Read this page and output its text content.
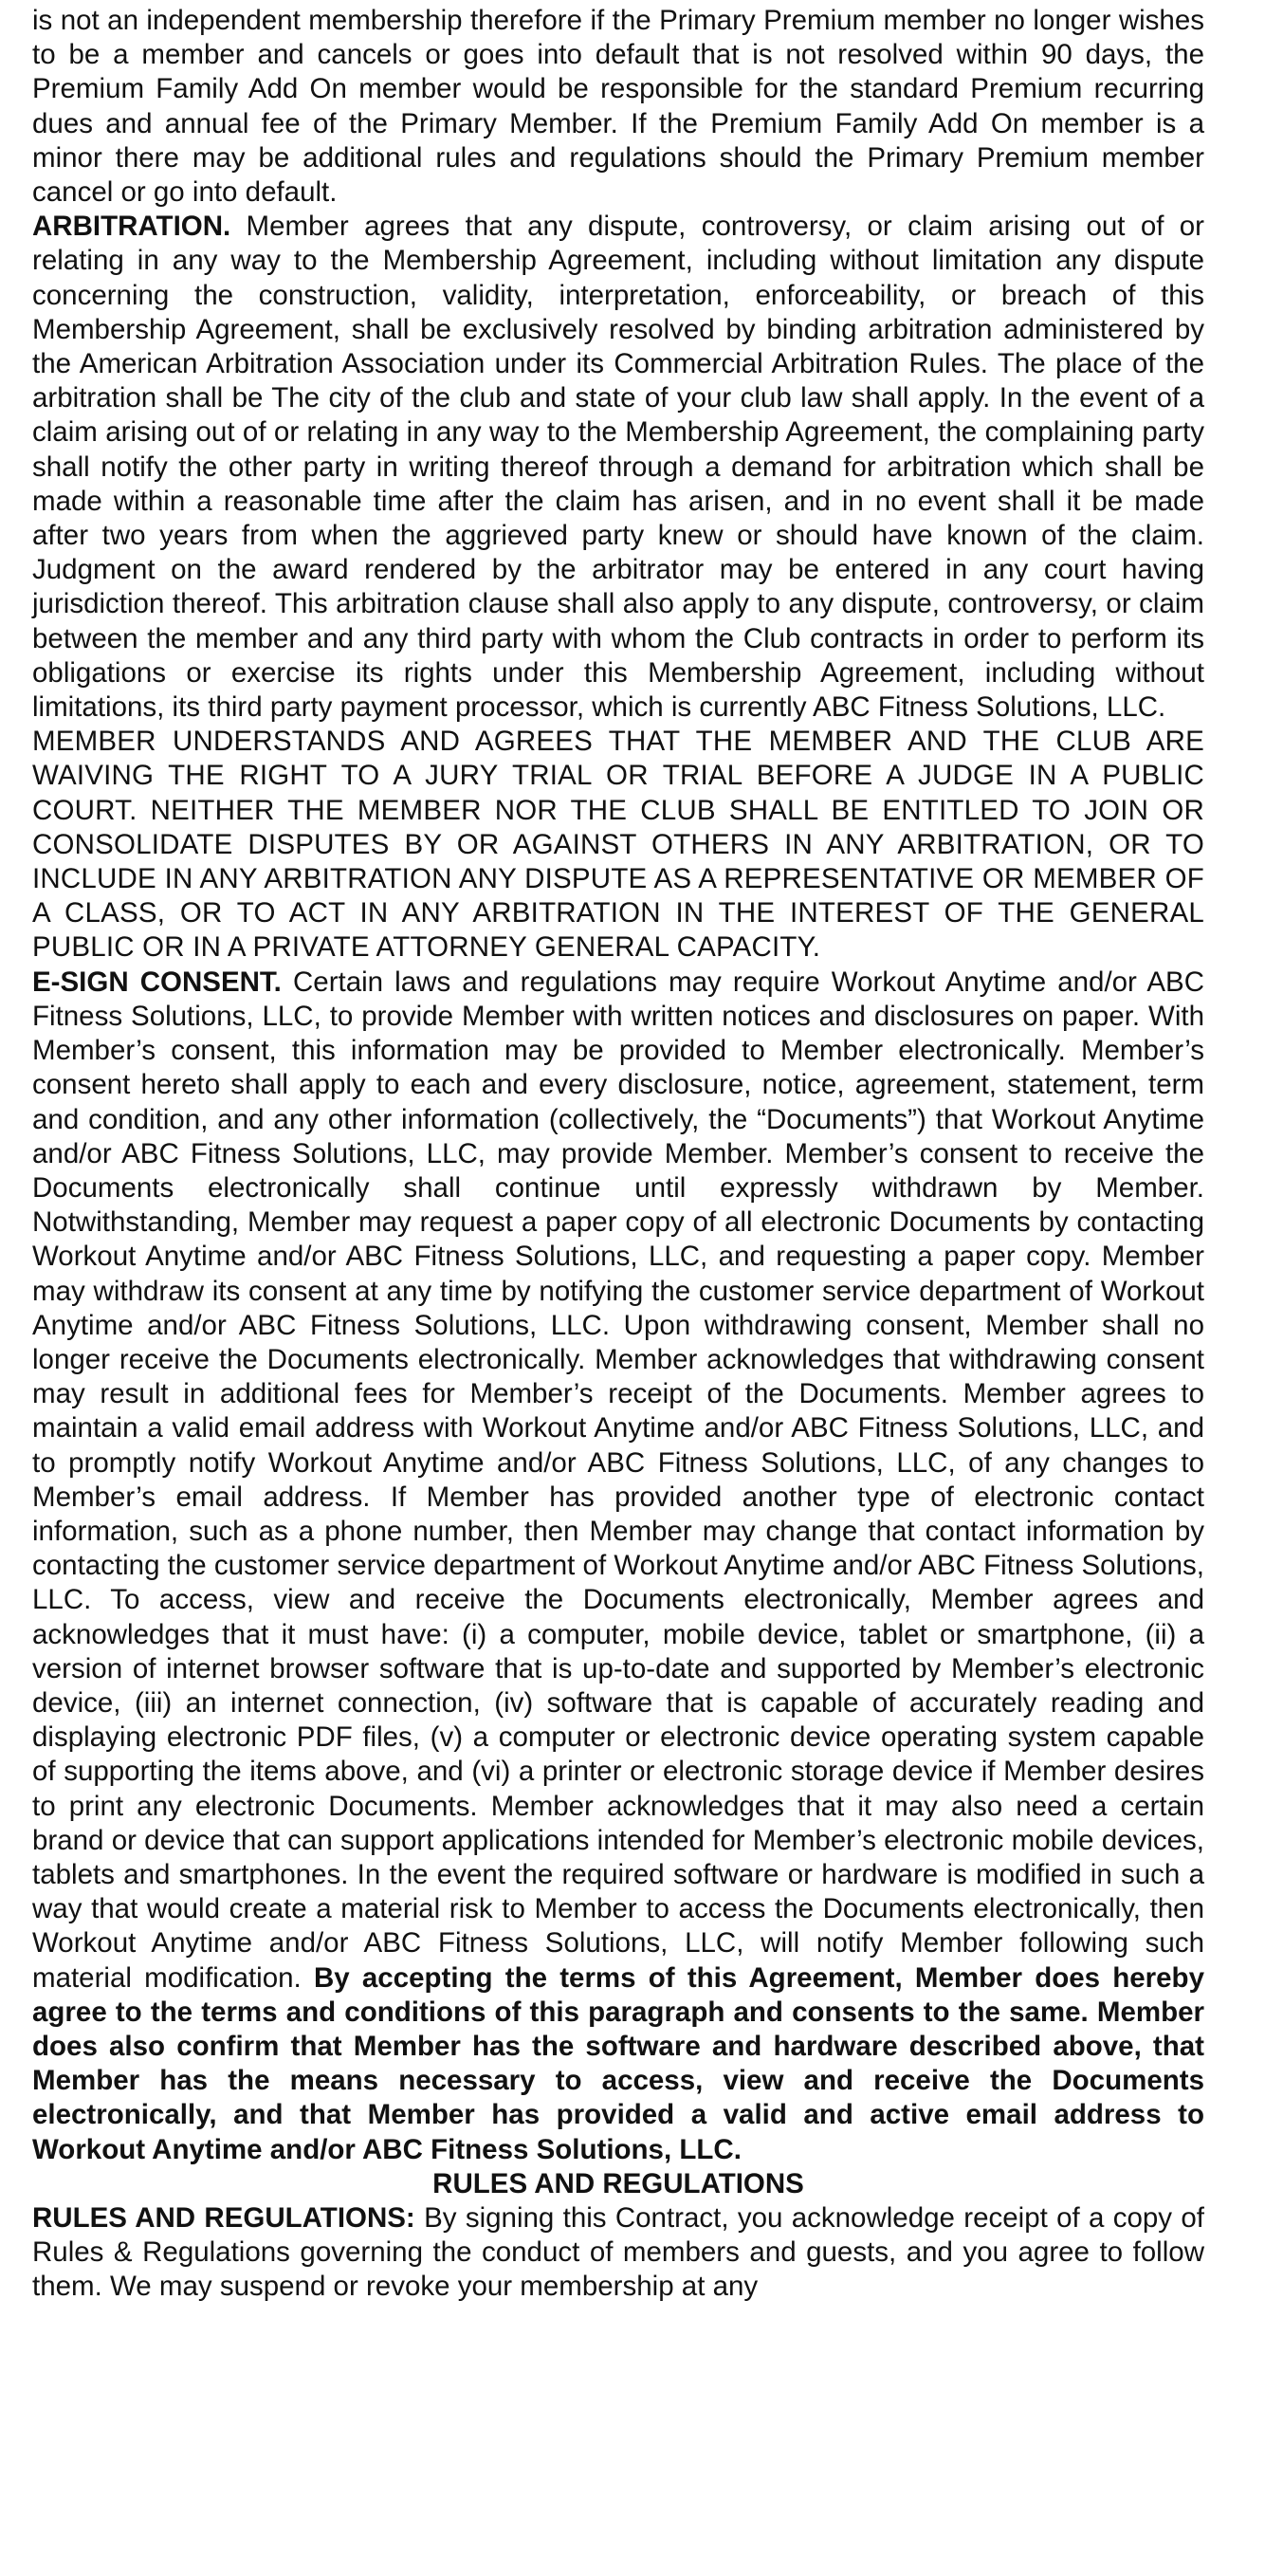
is not an independent membership therefore if the Primary Premium member no longer wishes to be a member and cancels or goes into default that is not resolved within 90 days, the Premium Family Add On member would be responsible for the standard Premium recurring dues and annual fee of the Primary Member. If the Premium Family Add On member is a minor there may be additional rules and regulations should the Primary Premium member cancel or go into default.

ARBITRATION. Member agrees that any dispute, controversy, or claim arising out of or relating in any way to the Membership Agreement, including without limitation any dispute concerning the construction, validity, interpretation, enforceability, or breach of this Membership Agreement, shall be exclusively resolved by binding arbitration administered by the American Arbitration Association under its Commercial Arbitration Rules. The place of the arbitration shall be The city of the club and state of your club law shall apply. In the event of a claim arising out of or relating in any way to the Membership Agreement, the complaining party shall notify the other party in writing thereof through a demand for arbitration which shall be made within a reasonable time after the claim has arisen, and in no event shall it be made after two years from when the aggrieved party knew or should have known of the claim. Judgment on the award rendered by the arbitrator may be entered in any court having jurisdiction thereof. This arbitration clause shall also apply to any dispute, controversy, or claim between the member and any third party with whom the Club contracts in order to perform its obligations or exercise its rights under this Membership Agreement, including without limitations, its third party payment processor, which is currently ABC Fitness Solutions, LLC.

MEMBER UNDERSTANDS AND AGREES THAT THE MEMBER AND THE CLUB ARE WAIVING THE RIGHT TO A JURY TRIAL OR TRIAL BEFORE A JUDGE IN A PUBLIC COURT. NEITHER THE MEMBER NOR THE CLUB SHALL BE ENTITLED TO JOIN OR CONSOLIDATE DISPUTES BY OR AGAINST OTHERS IN ANY ARBITRATION, OR TO INCLUDE IN ANY ARBITRATION ANY DISPUTE AS A REPRESENTATIVE OR MEMBER OF A CLASS, OR TO ACT IN ANY ARBITRATION IN THE INTEREST OF THE GENERAL PUBLIC OR IN A PRIVATE ATTORNEY GENERAL CAPACITY.

E-SIGN CONSENT. Certain laws and regulations may require Workout Anytime and/or ABC Fitness Solutions, LLC, to provide Member with written notices and disclosures on paper. With Member’s consent, this information may be provided to Member electronically. Member’s consent hereto shall apply to each and every disclosure, notice, agreement, statement, term and condition, and any other information (collectively, the “Documents”) that Workout Anytime and/or ABC Fitness Solutions, LLC, may provide Member. Member’s consent to receive the Documents electronically shall continue until expressly withdrawn by Member. Notwithstanding, Member may request a paper copy of all electronic Documents by contacting Workout Anytime and/or ABC Fitness Solutions, LLC, and requesting a paper copy. Member may withdraw its consent at any time by notifying the customer service department of Workout Anytime and/or ABC Fitness Solutions, LLC. Upon withdrawing consent, Member shall no longer receive the Documents electronically. Member acknowledges that withdrawing consent may result in additional fees for Member’s receipt of the Documents. Member agrees to maintain a valid email address with Workout Anytime and/or ABC Fitness Solutions, LLC, and to promptly notify Workout Anytime and/or ABC Fitness Solutions, LLC, of any changes to Member’s email address. If Member has provided another type of electronic contact information, such as a phone number, then Member may change that contact information by contacting the customer service department of Workout Anytime and/or ABC Fitness Solutions, LLC. To access, view and receive the Documents electronically, Member agrees and acknowledges that it must have: (i) a computer, mobile device, tablet or smartphone, (ii) a version of internet browser software that is up-to-date and supported by Member’s electronic device, (iii) an internet connection, (iv) software that is capable of accurately reading and displaying electronic PDF files, (v) a computer or electronic device operating system capable of supporting the items above, and (vi) a printer or electronic storage device if Member desires to print any electronic Documents. Member acknowledges that it may also need a certain brand or device that can support applications intended for Member’s electronic mobile devices, tablets and smartphones. In the event the required software or hardware is modified in such a way that would create a material risk to Member to access the Documents electronically, then Workout Anytime and/or ABC Fitness Solutions, LLC, will notify Member following such material modification. By accepting the terms of this Agreement, Member does hereby agree to the terms and conditions of this paragraph and consents to the same. Member does also confirm that Member has the software and hardware described above, that Member has the means necessary to access, view and receive the Documents electronically, and that Member has provided a valid and active email address to Workout Anytime and/or ABC Fitness Solutions, LLC.

RULES AND REGULATIONS

RULES AND REGULATIONS: By signing this Contract, you acknowledge receipt of a copy of Rules & Regulations governing the conduct of members and guests, and you agree to follow them. We may suspend or revoke your membership at any
